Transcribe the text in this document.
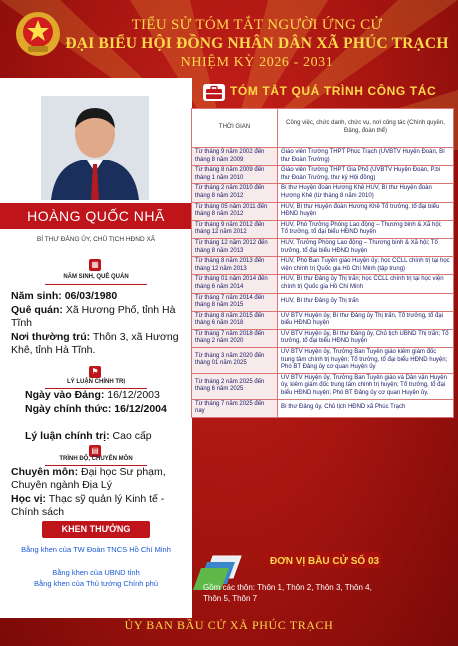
TIỂU SỬ TÓM TẮT NGƯỜI ỨNG CỬ
ĐẠI BIỂU HỘI ĐỒNG NHÂN DÂN XÃ PHÚC TRẠCH
NHIỆM KỲ 2026 - 2031
HOÀNG QUỐC NHÃ
BÍ THƯ ĐẢNG ỦY, CHỦ TỊCH HĐND XÃ
▦
NĂM SINH, QUÊ QUÁN
Năm sinh: 06/03/1980
Quê quán: Xã Hương Phố, tỉnh Hà Tĩnh
Nơi thường trú: Thôn 3, xã Hương Khê, tỉnh Hà Tĩnh.
⚑
LÝ LUẬN CHÍNH TRỊ
Ngày vào Đảng: 16/12/2003
Ngày chính thức: 16/12/2004
Lý luận chính trị: Cao cấp
▤
TRÌNH ĐỘ, CHUYÊN MÔN
Chuyên môn: Đại học Sư phạm, Chuyên ngành Địa Lý
Học vị: Thạc sỹ quản lý Kinh tế - Chính sách
KHEN THƯỞNG
Bằng khen của TW Đoàn TNCS Hồ Chí Minh
Bằng khen của UBND tỉnh
Bằng khen của Thủ tướng Chính phủ
TÓM TẮT QUÁ TRÌNH CÔNG TÁC
THỜI GIAN	Công việc, chức danh, chức vụ, nơi công tác (Chính quyền, Đảng, đoàn thể)
Từ tháng 9 năm 2002 đến tháng 8 năm 2009	Giáo viên Trường THPT Phúc Trạch (UVBTV Huyện Đoàn, Bí thư Đoàn Trường)
Từ tháng 8 năm 2009 đến tháng 1 năm 2010	Giáo viên Trường THPT Gia Phố (UVBTV Huyện Đoàn, P.bí thư Đoàn Trường, thư ký Hội đồng)
Từ tháng 2 năm 2010 đến tháng 8 năm 2012	Bí thư Huyện đoàn Hương Khê HUV, Bí thư Huyện đoàn Hương Khê (từ tháng 8 năm 2010)
Từ tháng 05 năm 2011 đến tháng 8 năm 2012	HUV, Bí thư Huyện đoàn Hương Khê Tổ trưởng, tổ đại biểu HĐND huyện
Từ tháng 9 năm 2012 đến tháng 12 năm 2012	HUV, Phó Trưởng Phòng Lao động – Thương binh & Xã hội; Tổ trưởng, tổ đại biểu HĐND huyện
Từ tháng 12 năm 2012 đến tháng 8 năm 2013	HUV, Trưởng Phòng Lao động – Thương binh & Xã hội; Tổ trưởng, tổ đại biểu HĐND huyện
Từ tháng 8 năm 2013 đến tháng 12 năm 2013	HUV, Phó Ban Tuyên giáo Huyện ủy; học CCLL chính trị tại học viện chính trị Quốc gia Hồ Chí Minh (tập trung)
Từ tháng 01 năm 2014 đến tháng 6 năm 2014	HUV, Bí thư Đảng ủy Thị trấn; học CCLL chính trị tại học viện chính trị Quốc gia Hồ Chí Minh
Từ tháng 7 năm 2014 đến tháng 8 năm 2015	HUV, Bí thư Đảng ủy Thị trấn
Từ tháng 8 năm 2015 đến tháng 6 năm 2018	UV BTV Huyện ủy, Bí thư Đảng ủy Thị trấn, Tổ trưởng, tổ đại biểu HĐND huyện
Từ tháng 7 năm 2018 đến tháng 2 năm 2020	UV BTV Huyện ủy, Bí thư Đảng ủy, Chủ tịch UBND Thị trấn; Tổ trưởng, tổ đại biểu HĐND huyện
Từ tháng 3 năm 2020 đến tháng 01 năm 2025	UV BTV Huyện ủy, Trưởng Ban Tuyên giáo kiêm giám đốc trung tâm chính trị huyện; Tổ trưởng, tổ đại biểu HĐND huyện; Phó BT Đảng ủy cơ quan Huyện ủy
Từ tháng 2 năm 2025 đến tháng 6 năm 2025	UV BTV Huyện ủy, Trưởng Ban Tuyên giáo và Dân vận Huyện ủy, kiêm giám đốc trung tâm chính trị huyện; Tổ trưởng, tổ đại biểu HĐND huyện; Phó BT Đảng ủy cơ quan Huyện ủy.
Từ tháng 7 năm 2025 đến nay	Bí thư Đảng ủy, Chủ tịch HĐND xã Phúc Trạch
ĐƠN VỊ BẦU CỬ SỐ 03
Gồm các thôn: Thôn 1, Thôn 2, Thôn 3, Thôn 4, Thôn 5, Thôn 7
ỦY BAN BẦU CỬ XÃ PHÚC TRẠCH
